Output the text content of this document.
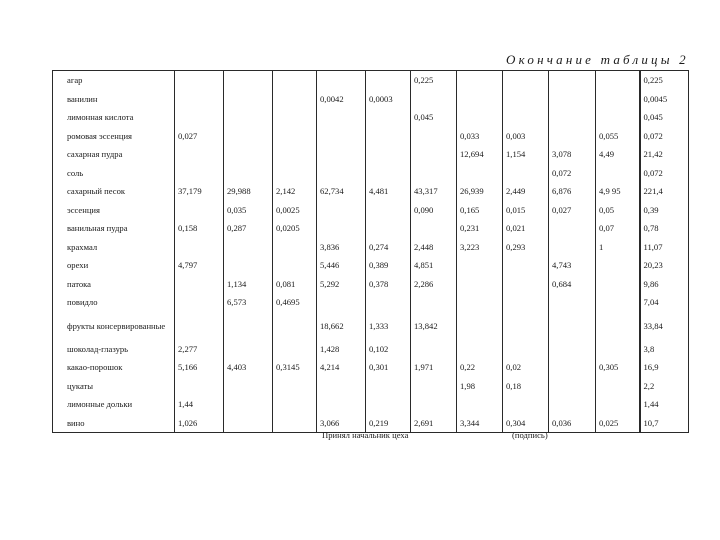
Окончание таблицы 2
агар						0,225					0,225
ванилин				0,0042	0,0003						0,0045
лимонная кислота						0,045					0,045
ромовая эссенция	0,027						0,033	0,003		0,055	0,072
сахарная пудра							12,694	1,154	3,078	4,49	21,42
соль									0,072		0,072
сахарный песок	37,179	29,988	2,142	62,734	4,481	43,317	26,939	2,449	6,876	4,9 95	221,4
эссенция		0,035	0,0025			0,090	0,165	0,015	0,027	0,05	0,39
ванильная пудра	0,158	0,287	0,0205				0,231	0,021		0,07	0,78
крахмал				3,836	0,274	2,448	3,223	0,293		1	11,07
орехи	4,797			5,446	0,389	4,851			4,743		20,23
патока		1,134	0,081	5,292	0,378	2,286			0,684		9,86
повидло		6,573	0,4695								7,04
фрукты консервированные				18,662	1,333	13,842					33,84
шоколад-глазурь	2,277			1,428	0,102						3,8
какао-порошок	5,166	4,403	0,3145	4,214	0,301	1,971	0,22	0,02		0,305	16,9
цукаты							1,98	0,18			2,2
лимонные дольки	1,44										1,44
вино	1,026			3,066	0,219	2,691	3,344	0,304	0,036	0,025	10,7
Принял начальник цеха	(подпись)
